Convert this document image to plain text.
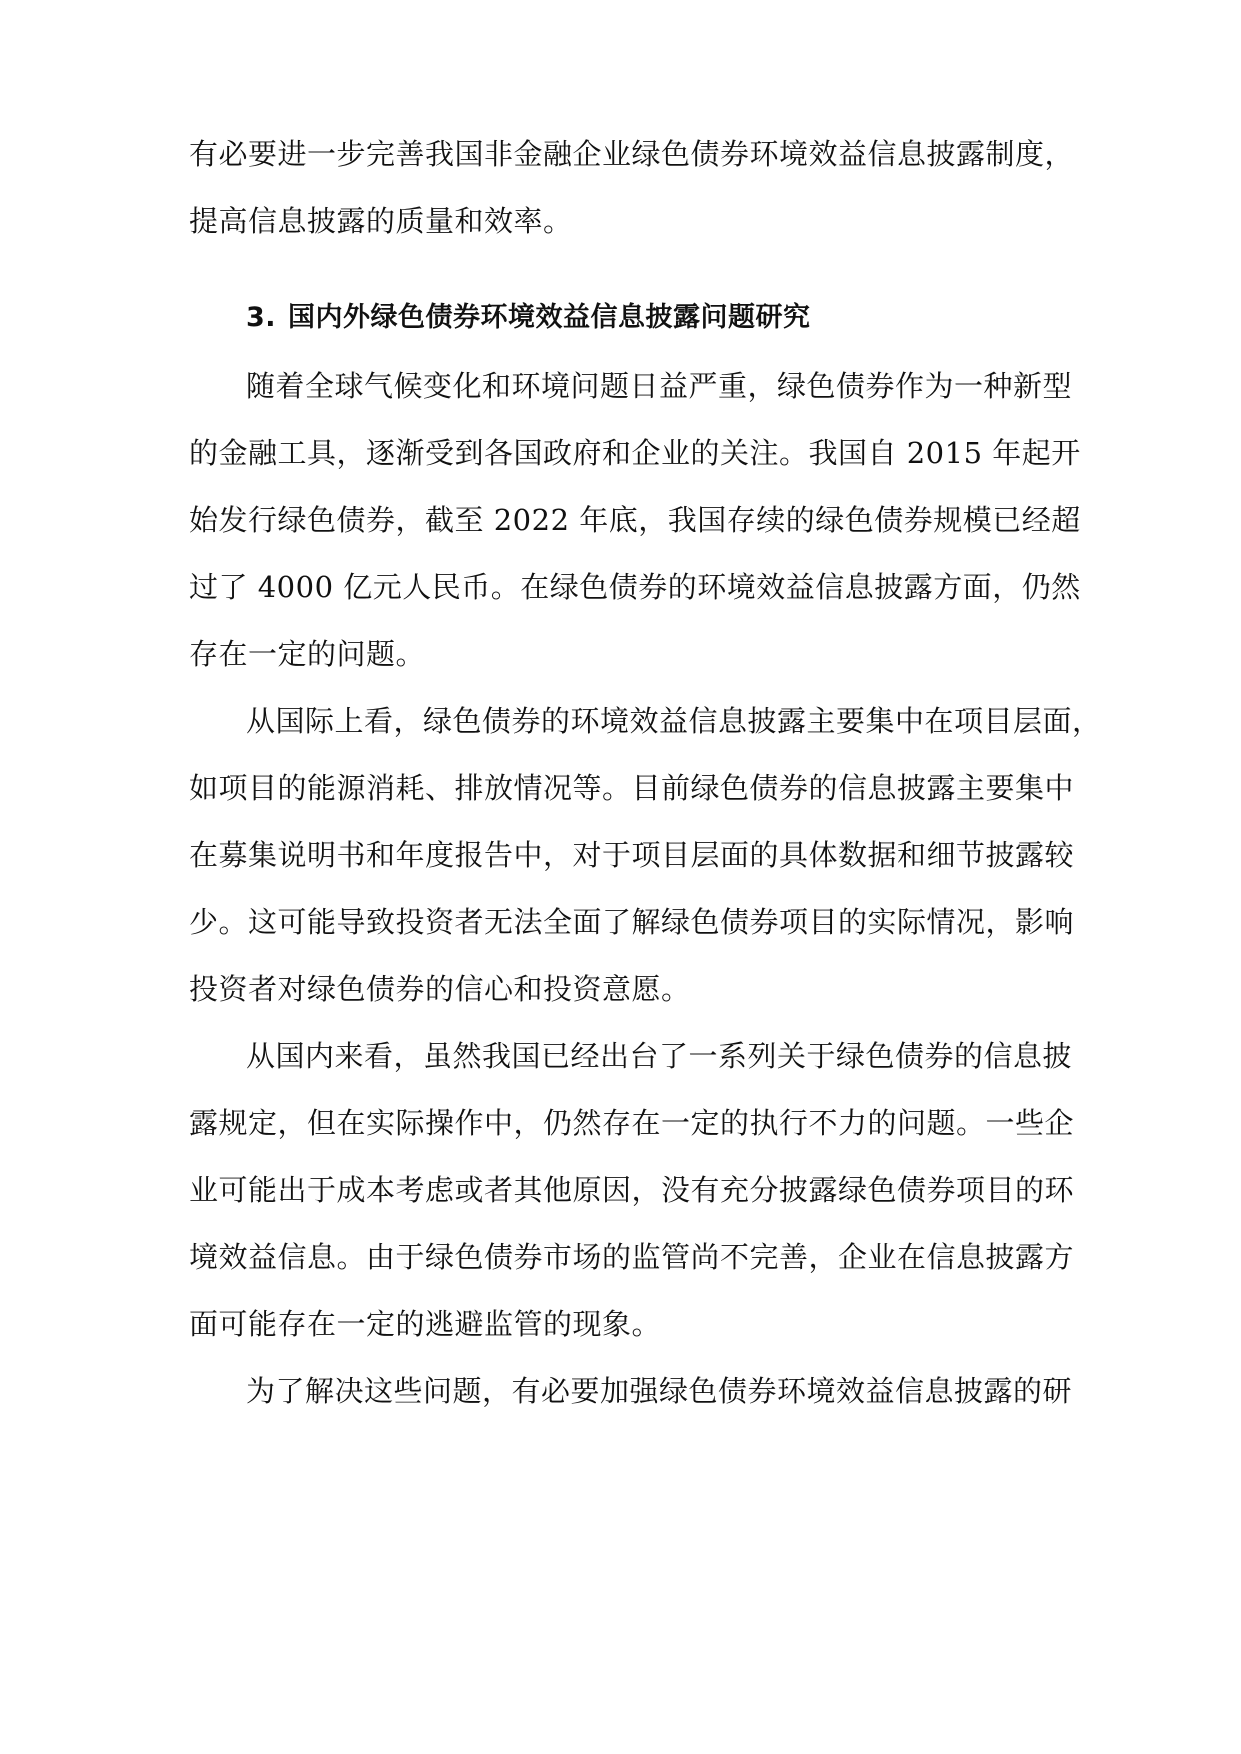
有必要进一步完善我国非金融企业绿色债券环境效益信息披露制度，
提高信息披露的质量和效率。
3. 国内外绿色债券环境效益信息披露问题研究
随着全球气候变化和环境问题日益严重，绿色债券作为一种新型
的金融工具，逐渐受到各国政府和企业的关注。我国自 2015 年起开
始发行绿色债券，截至 2022 年底，我国存续的绿色债券规模已经超
过了 4000 亿元人民币。在绿色债券的环境效益信息披露方面，仍然
存在一定的问题。
从国际上看，绿色债券的环境效益信息披露主要集中在项目层面，
如项目的能源消耗、排放情况等。目前绿色债券的信息披露主要集中
在募集说明书和年度报告中，对于项目层面的具体数据和细节披露较
少。这可能导致投资者无法全面了解绿色债券项目的实际情况，影响
投资者对绿色债券的信心和投资意愿。
从国内来看，虽然我国已经出台了一系列关于绿色债券的信息披
露规定，但在实际操作中，仍然存在一定的执行不力的问题。一些企
业可能出于成本考虑或者其他原因，没有充分披露绿色债券项目的环
境效益信息。由于绿色债券市场的监管尚不完善，企业在信息披露方
面可能存在一定的逃避监管的现象。
为了解决这些问题，有必要加强绿色债券环境效益信息披露的研
